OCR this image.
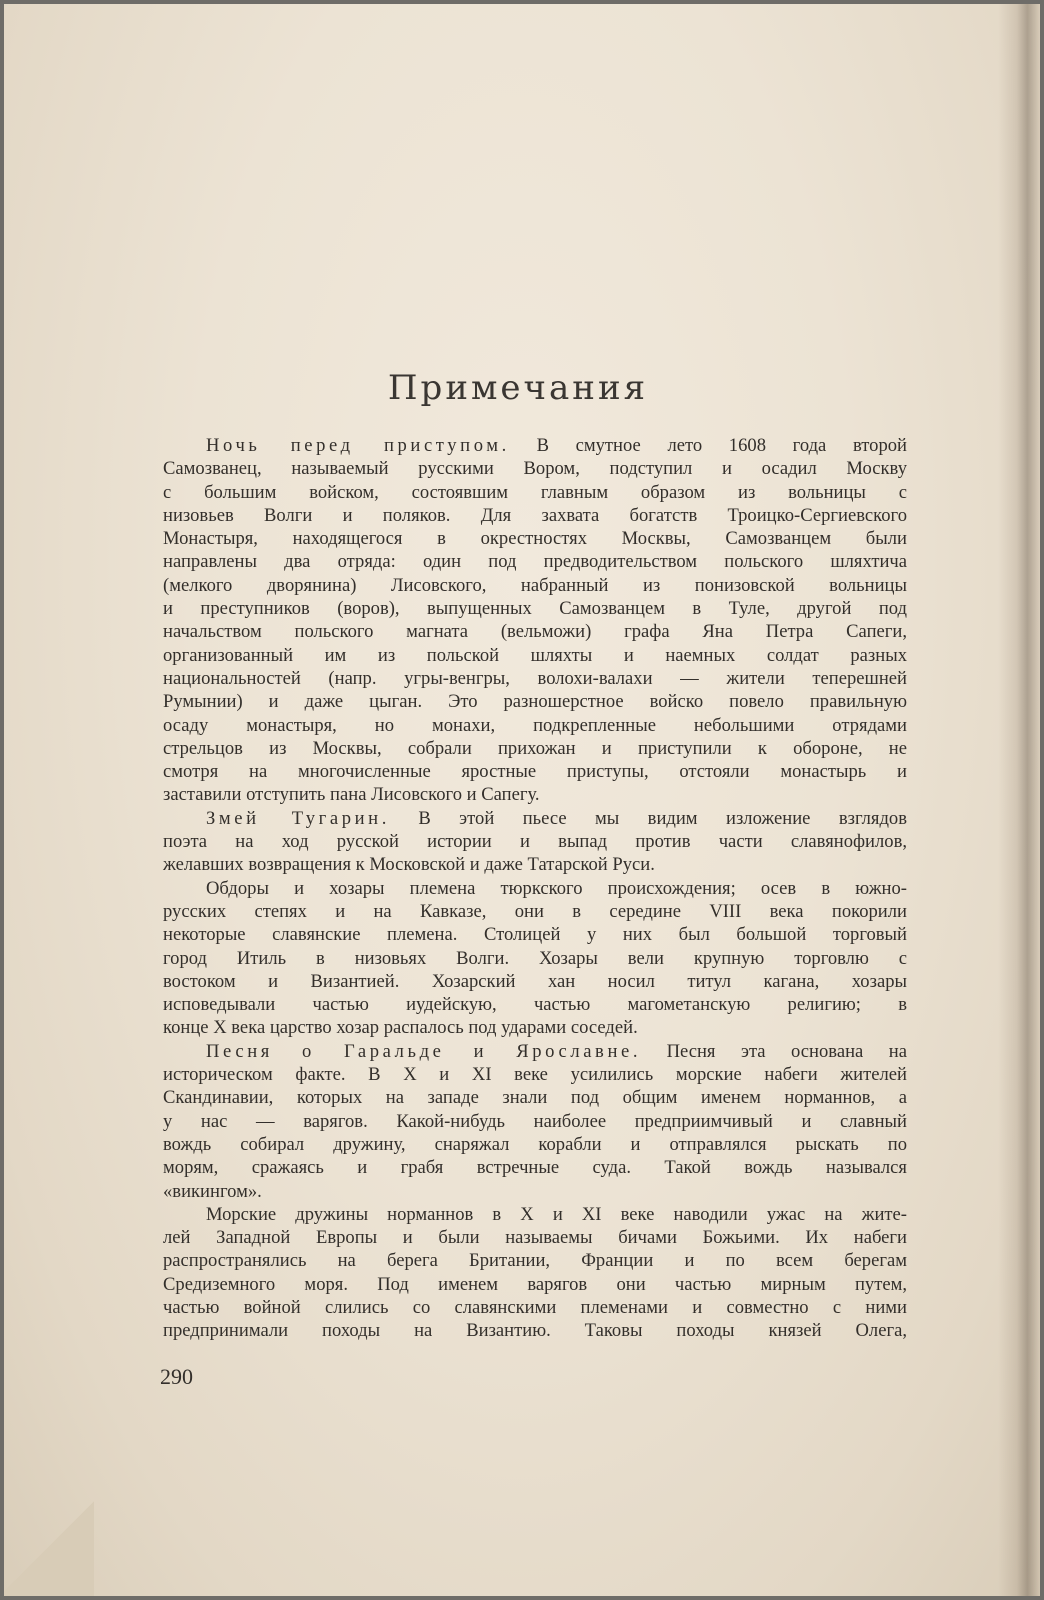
Примечания
Ночь перед приступом. В смутное лето 1608 года второй
Самозванец, называемый русскими Вором, подступил и осадил Москву
с большим войском, состоявшим главным образом из вольницы с
низовьев Волги и поляков. Для захвата богатств Троицко-Сергиевского
Монастыря, находящегося в окрестностях Москвы, Самозванцем были
направлены два отряда: один под предводительством польского шляхтича
(мелкого дворянина) Лисовского, набранный из понизовской вольницы
и преступников (воров), выпущенных Самозванцем в Туле, другой под
начальством польского магната (вельможи) графа Яна Петра Сапеги,
организованный им из польской шляхты и наемных солдат разных
национальностей (напр. угры-венгры, волохи-валахи — жители теперешней
Румынии) и даже цыган. Это разношерстное войско повело правильную
осаду монастыря, но монахи, подкрепленные небольшими отрядами
стрельцов из Москвы, собрали прихожан и приступили к обороне, не
смотря на многочисленные яростные приступы, отстояли монастырь и
заставили отступить пана Лисовского и Сапегу.
Змей Тугарин. В этой пьесе мы видим изложение взглядов
поэта на ход русской истории и выпад против части славянофилов,
желавших возвращения к Московской и даже Татарской Руси.
Обдоры и хозары племена тюркского происхождения; осев в южно-
русских степях и на Кавказе, они в середине VIII века покорили
некоторые славянские племена. Столицей у них был большой торговый
город Итиль в низовьях Волги. Хозары вели крупную торговлю с
востоком и Византией. Хозарский хан носил титул кагана, хозары
исповедывали частью иудейскую, частью магометанскую религию; в
конце X века царство хозар распалось под ударами соседей.
Песня о Гаральде и Ярославне. Песня эта основана на
историческом факте. В X и XI веке усилились морские набеги жителей
Скандинавии, которых на западе знали под общим именем норманнов, а
у нас — варягов. Какой-нибудь наиболее предприимчивый и славный
вождь собирал дружину, снаряжал корабли и отправлялся рыскать по
морям, сражаясь и грабя встречные суда. Такой вождь назывался
«викингом».
Морские дружины норманнов в X и XI веке наводили ужас на жите-
лей Западной Европы и были называемы бичами Божьими. Их набеги
распространялись на берега Британии, Франции и по всем берегам
Средиземного моря. Под именем варягов они частью мирным путем,
частью войной слились со славянскими племенами и совместно с ними
предпринимали походы на Византию. Таковы походы князей Олега,
290
